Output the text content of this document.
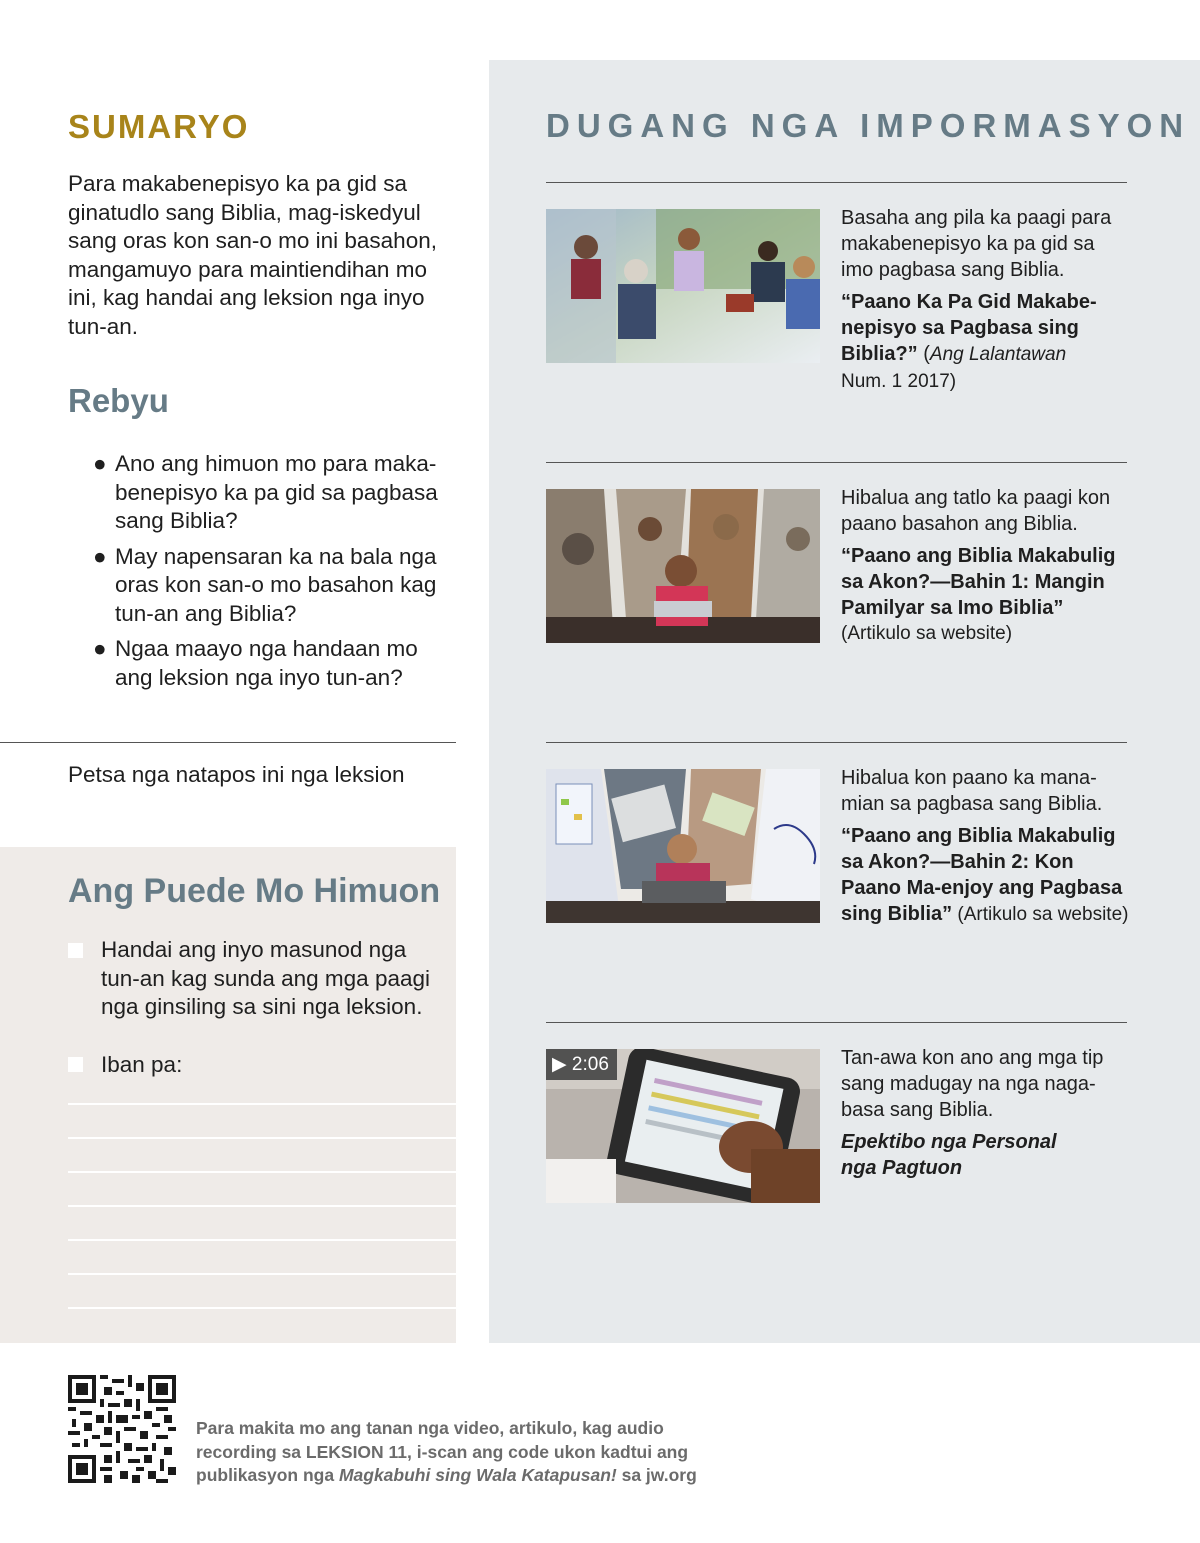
SUMARYO
Para makabenepisyo ka pa gid sa ginatudlo sang Biblia, mag-iskedyul sang oras kon san-o mo ini basahon, mangamuyo para maintiendihan mo ini, kag handai ang leksion nga inyo tun-an.
Rebyu
● Ano ang himuon mo para maka-benepisyo ka pa gid sa pagbasa sang Biblia?
● May napensaran ka na bala nga oras kon san-o mo basahon kag tun-an ang Biblia?
● Ngaa maayo nga handaan mo ang leksion nga inyo tun-an?
Petsa nga natapos ini nga leksion
Ang Puede Mo Himuon
Handai ang inyo masunod nga tun-an kag sunda ang mga paagi nga ginsiling sa sini nga leksion.
Iban pa:
DUGANG NGA IMPORMASYON

Basaha ang pila ka paagi para makabenepisyo ka pa gid sa imo pagbasa sang Biblia.

“Paano Ka Pa Gid Makabe-nepisyo sa Pagbasa sing Biblia?” (Ang Lalantawan
Num. 1 2017)

Hibalua ang tatlo ka paagi kon paano basahon ang Biblia.

“Paano ang Biblia Makabulig sa Akon?—Bahin 1: Mangin Pamilyar sa Imo Biblia”
(Artikulo sa website)

Hibalua kon paano ka mana-mian sa pagbasa sang Biblia.

“Paano ang Biblia Makabulig sa Akon?—Bahin 2: Kon Paano Ma-enjoy ang Pagbasa sing Biblia” (Artikulo sa website)
▶ 2:06	Tan-awa kon ano ang mga tip sang madugay na nga naga-basa sang Biblia.

Epektibo nga Personal nga Pagtuon
Para makita mo ang tanan nga video, artikulo, kag audio recording sa LEKSION 11, i-scan ang code ukon kadtui ang publikasyon nga Magkabuhi sing Wala Katapusan! sa jw.org
